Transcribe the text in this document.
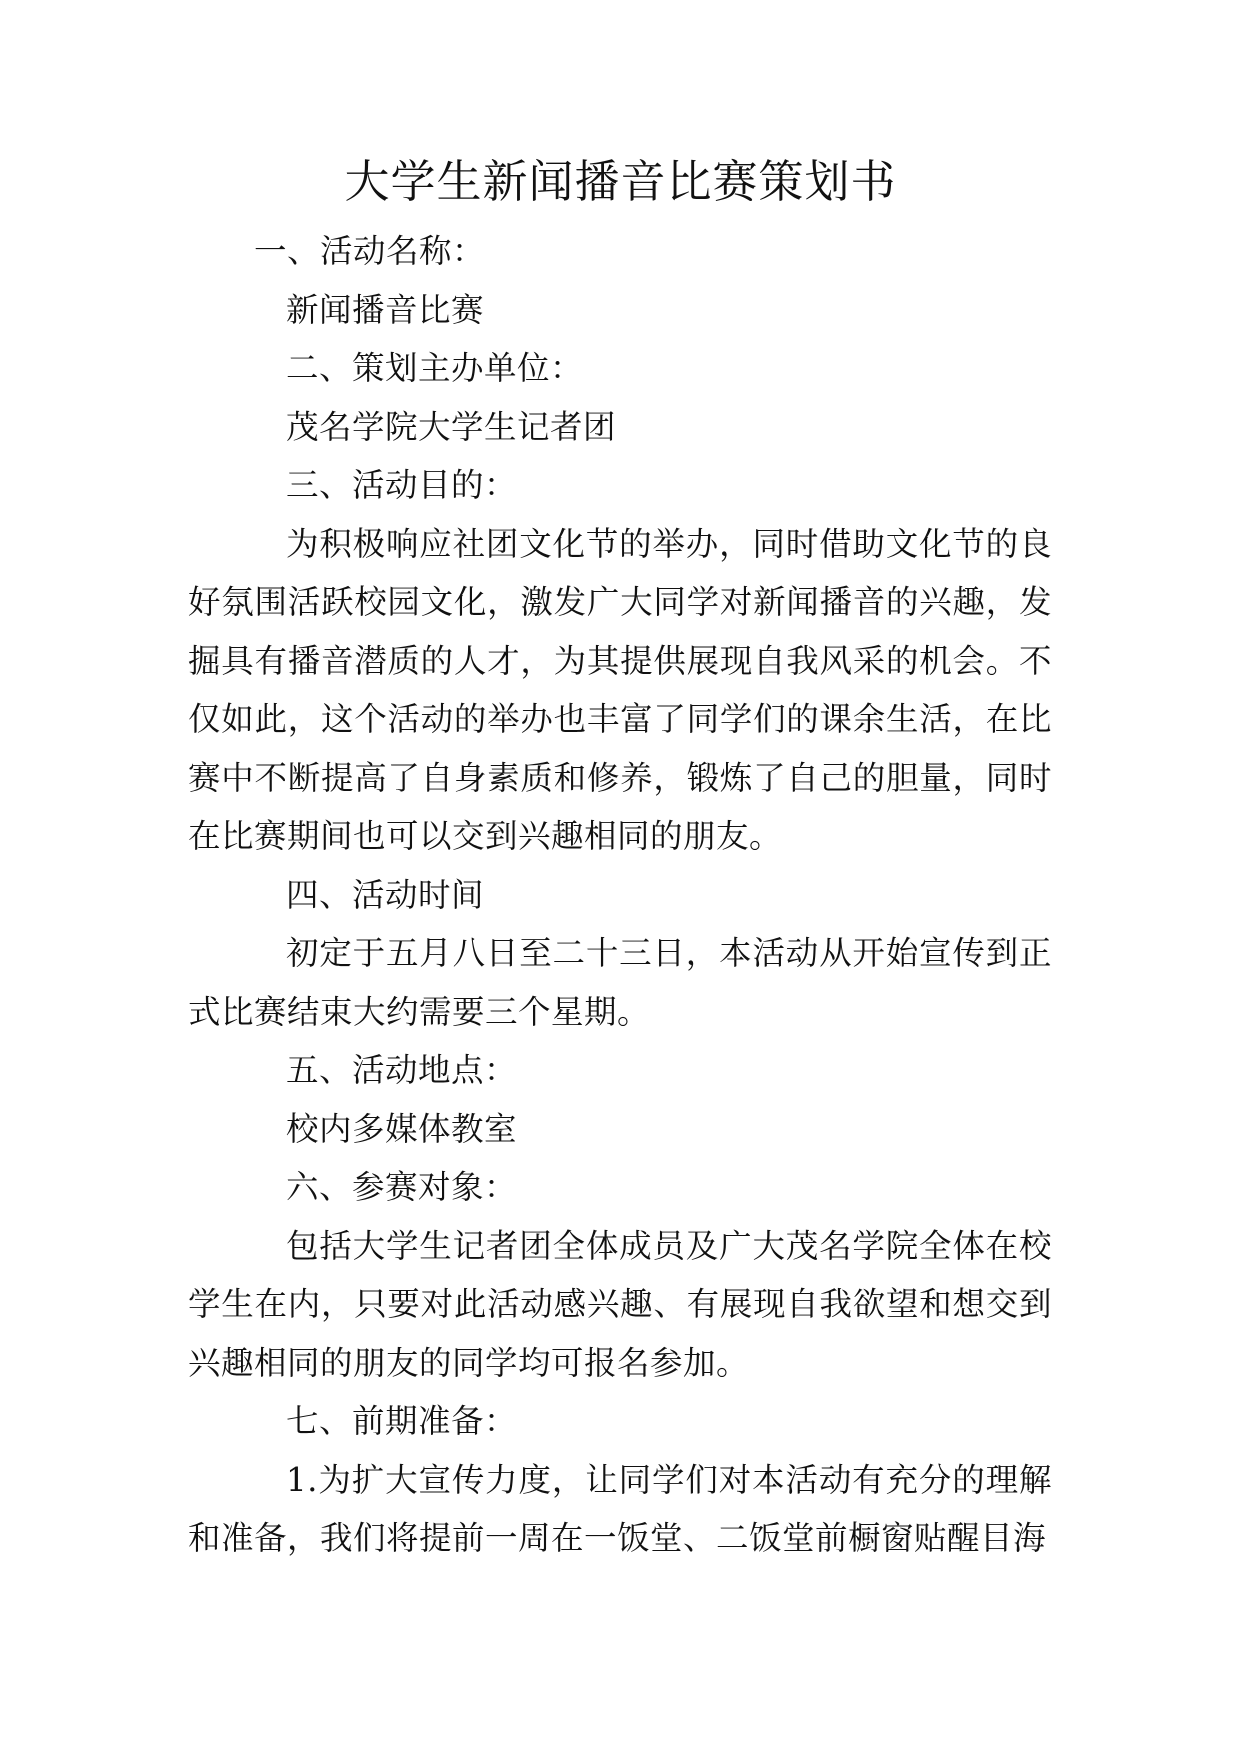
大学生新闻播音比赛策划书

一、活动名称：

新闻播音比赛

二、策划主办单位：

茂名学院大学生记者团

三、活动目的：

为积极响应社团文化节的举办，同时借助文化节的良好氛围活跃校园文化，激发广大同学对新闻播音的兴趣，发掘具有播音潜质的人才，为其提供展现自我风采的机会。不仅如此，这个活动的举办也丰富了同学们的课余生活，在比赛中不断提高了自身素质和修养，锻炼了自己的胆量，同时在比赛期间也可以交到兴趣相同的朋友。

四、活动时间

初定于五月八日至二十三日，本活动从开始宣传到正式比赛结束大约需要三个星期。

五、活动地点：

校内多媒体教室

六、参赛对象：

包括大学生记者团全体成员及广大茂名学院全体在校学生在内，只要对此活动感兴趣、有展现自我欲望和想交到兴趣相同的朋友的同学均可报名参加。

七、前期准备：

1.为扩大宣传力度，让同学们对本活动有充分的理解和准备，我们将提前一周在一饭堂、二饭堂前橱窗贴醒目海
